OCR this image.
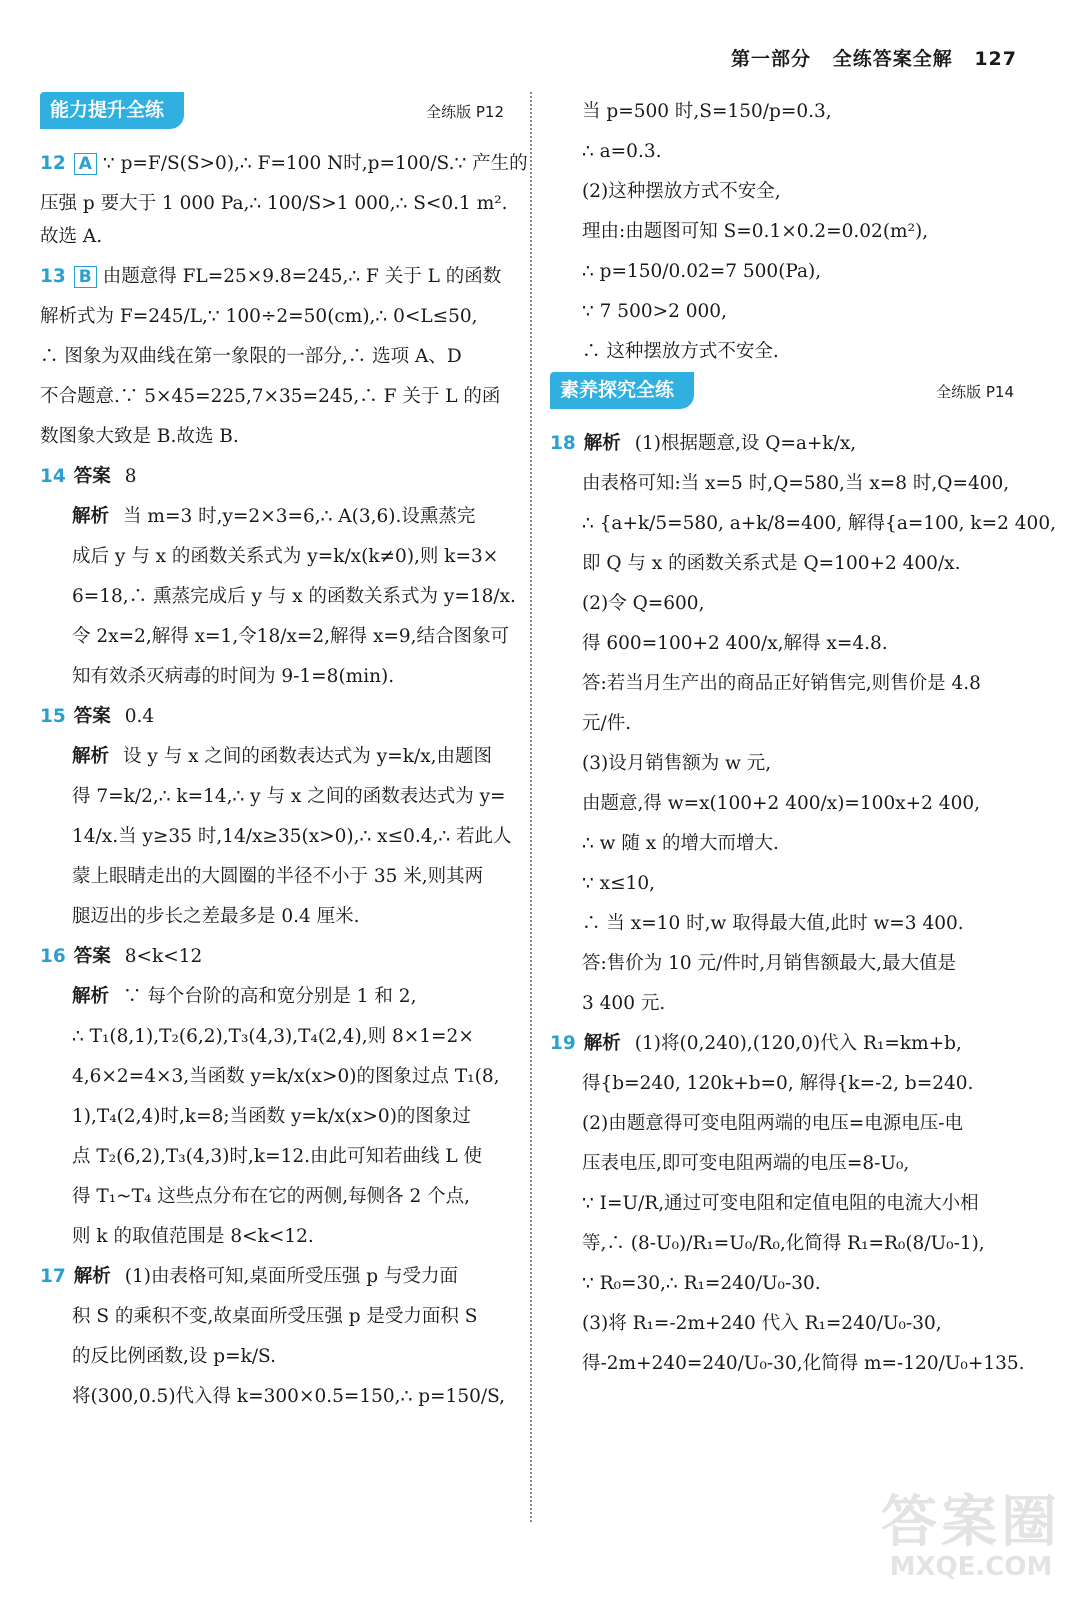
第一部分 全练答案全解 127
能力提升全练	全练版 P12

12 A ∵ p=F/S(S>0),∴ F=100 N时,p=100/S.∵ 产生的

压强 p 要大于 1 000 Pa,∴ 100/S>1 000,∴ S<0.1 m².

故选 A.

13 B 由题意得 FL=25×9.8=245,∴ F 关于 L 的函数

解析式为 F=245/L,∵ 100÷2=50(cm),∴ 0<L≤50,

∴ 图象为双曲线在第一象限的一部分,∴ 选项 A、D

不合题意.∵ 5×45=225,7×35=245,∴ F 关于 L 的函

数图象大致是 B.故选 B.

14 答案 8

解析 当 m=3 时,y=2×3=6,∴ A(3,6).设熏蒸完

成后 y 与 x 的函数关系式为 y=k/x(k≠0),则 k=3×

6=18,∴ 熏蒸完成后 y 与 x 的函数关系式为 y=18/x.

令 2x=2,解得 x=1,令18/x=2,解得 x=9,结合图象可

知有效杀灭病毒的时间为 9-1=8(min).

15 答案 0.4

解析 设 y 与 x 之间的函数表达式为 y=k/x,由题图

得 7=k/2,∴ k=14,∴ y 与 x 之间的函数表达式为 y=

14/x.当 y≥35 时,14/x≥35(x>0),∴ x≤0.4,∴ 若此人

蒙上眼睛走出的大圆圈的半径不小于 35 米,则其两

腿迈出的步长之差最多是 0.4 厘米.

16 答案 8<k<12

解析 ∵ 每个台阶的高和宽分别是 1 和 2,

∴ T₁(8,1),T₂(6,2),T₃(4,3),T₄(2,4),则 8×1=2×

4,6×2=4×3,当函数 y=k/x(x>0)的图象过点 T₁(8,

1),T₄(2,4)时,k=8;当函数 y=k/x(x>0)的图象过

点 T₂(6,2),T₃(4,3)时,k=12.由此可知若曲线 L 使

得 T₁~T₄ 这些点分布在它的两侧,每侧各 2 个点,

则 k 的取值范围是 8<k<12.

17 解析 (1)由表格可知,桌面所受压强 p 与受力面

积 S 的乘积不变,故桌面所受压强 p 是受力面积 S

的反比例函数,设 p=k/S.

将(300,0.5)代入得 k=300×0.5=150,∴ p=150/S,

当 p=500 时,S=150/p=0.3,

∴ a=0.3.

(2)这种摆放方式不安全,

理由:由题图可知 S=0.1×0.2=0.02(m²),

∴ p=150/0.02=7 500(Pa),

∵ 7 500>2 000,

∴ 这种摆放方式不安全.

素养探究全练	全练版 P14

18 解析 (1)根据题意,设 Q=a+k/x,

由表格可知:当 x=5 时,Q=580,当 x=8 时,Q=400,

∴ {a+k/5=580, a+k/8=400, 解得{a=100, k=2 400,

即 Q 与 x 的函数关系式是 Q=100+2 400/x.

(2)令 Q=600,

得 600=100+2 400/x,解得 x=4.8.

答:若当月生产出的商品正好销售完,则售价是 4.8

元/件.

(3)设月销售额为 w 元,

由题意,得 w=x(100+2 400/x)=100x+2 400,

∴ w 随 x 的增大而增大.

∵ x≤10,

∴ 当 x=10 时,w 取得最大值,此时 w=3 400.

答:售价为 10 元/件时,月销售额最大,最大值是

3 400 元.

19 解析 (1)将(0,240),(120,0)代入 R₁=km+b,

得{b=240, 120k+b=0, 解得{k=-2, b=240.

(2)由题意得可变电阻两端的电压=电源电压-电

压表电压,即可变电阻两端的电压=8-U₀,

∵ I=U/R,通过可变电阻和定值电阻的电流大小相

等,∴ (8-U₀)/R₁=U₀/R₀,化简得 R₁=R₀(8/U₀-1),

∵ R₀=30,∴ R₁=240/U₀-30.

(3)将 R₁=-2m+240 代入 R₁=240/U₀-30,

得-2m+240=240/U₀-30,化简得 m=-120/U₀+135.

答案圈
MXQE.COM
